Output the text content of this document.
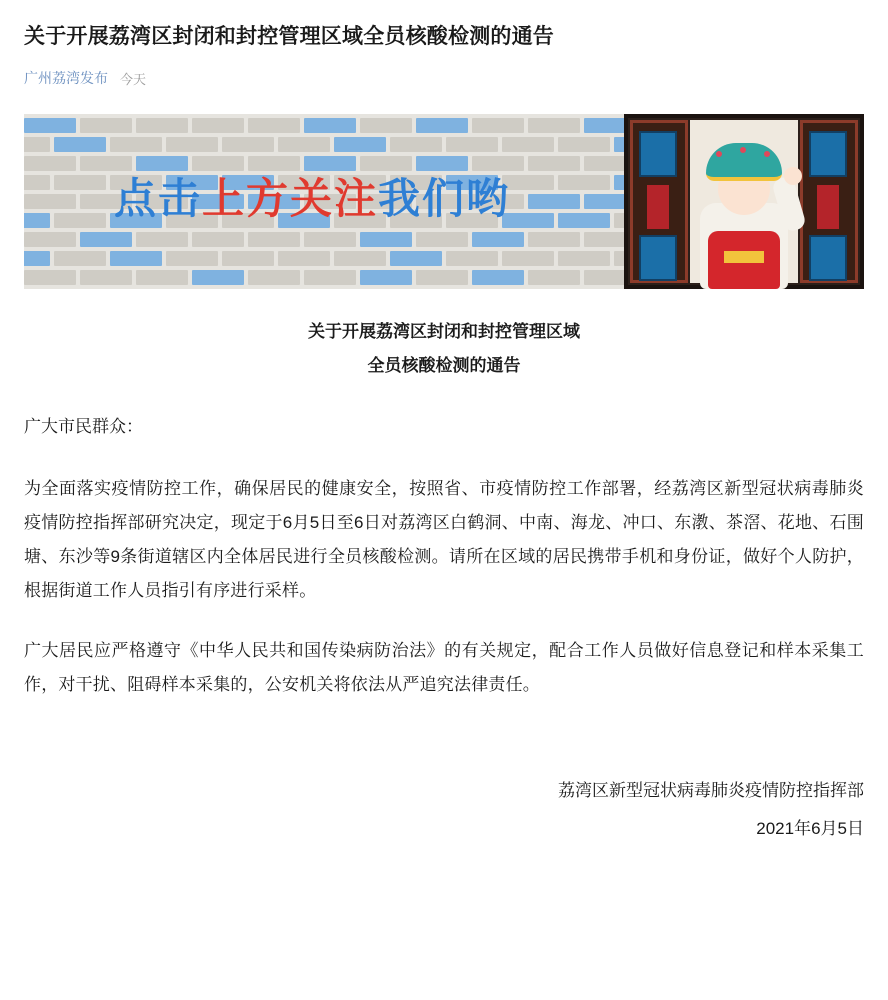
关于开展荔湾区封闭和封控管理区域全员核酸检测的通告
广州荔湾发布 今天
点击上方关注我们哟
关于开展荔湾区封闭和封控管理区域
全员核酸检测的通告

广大市民群众：

为全面落实疫情防控工作，确保居民的健康安全，按照省、市疫情防控工作部署，经荔湾区新型冠状病毒肺炎疫情防控指挥部研究决定，现定于6月5日至6日对荔湾区白鹤洞、中南、海龙、冲口、东漖、茶滘、花地、石围塘、东沙等9条街道辖区内全体居民进行全员核酸检测。请所在区域的居民携带手机和身份证，做好个人防护，根据街道工作人员指引有序进行采样。

广大居民应严格遵守《中华人民共和国传染病防治法》的有关规定，配合工作人员做好信息登记和样本采集工作，对干扰、阻碍样本采集的，公安机关将依法从严追究法律责任。

荔湾区新型冠状病毒肺炎疫情防控指挥部
2021年6月5日
